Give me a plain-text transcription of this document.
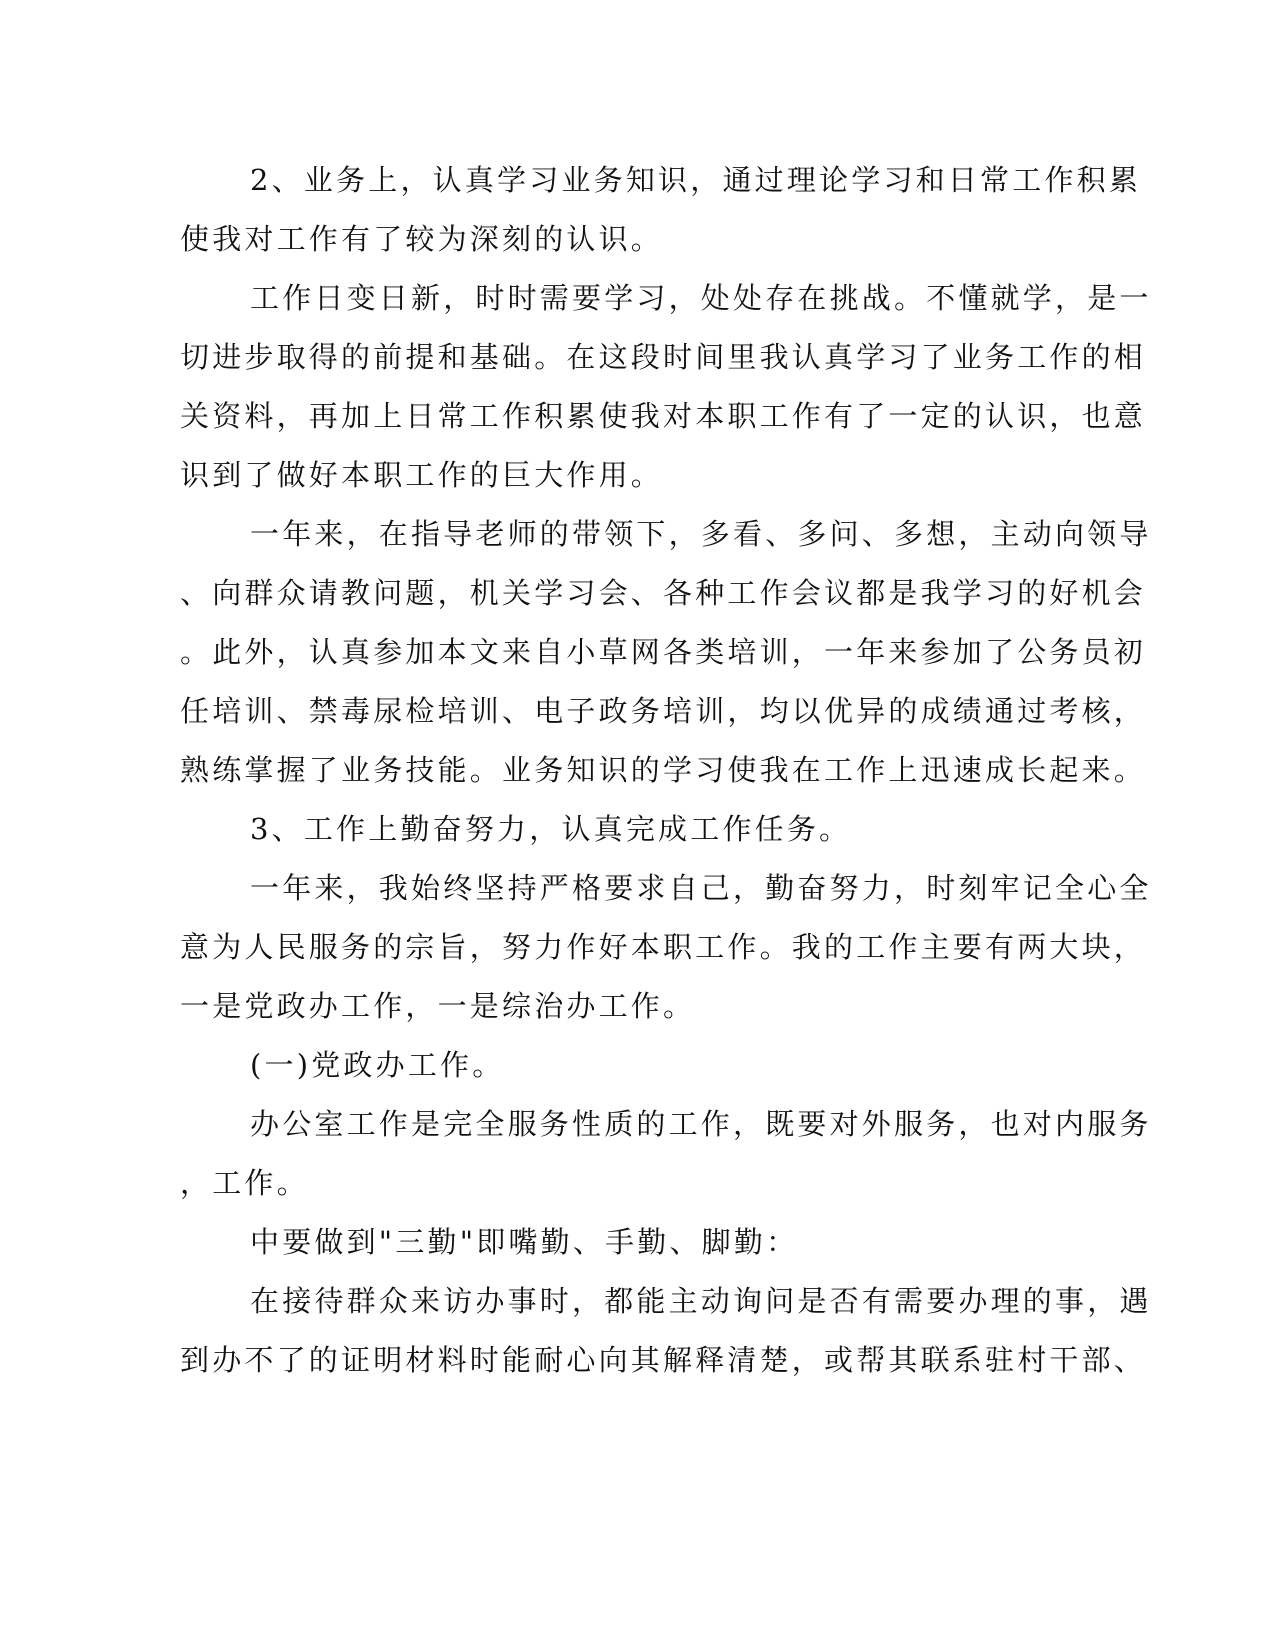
2、业务上，认真学习业务知识，通过理论学习和日常工作积累
使我对工作有了较为深刻的认识。
工作日变日新，时时需要学习，处处存在挑战。不懂就学，是一
切进步取得的前提和基础。在这段时间里我认真学习了业务工作的相
关资料，再加上日常工作积累使我对本职工作有了一定的认识，也意
识到了做好本职工作的巨大作用。
一年来，在指导老师的带领下，多看、多问、多想，主动向领导
、向群众请教问题，机关学习会、各种工作会议都是我学习的好机会
。此外，认真参加本文来自小草网各类培训，一年来参加了公务员初
任培训、禁毒尿检培训、电子政务培训，均以优异的成绩通过考核，
熟练掌握了业务技能。业务知识的学习使我在工作上迅速成长起来。
3、工作上勤奋努力，认真完成工作任务。
一年来，我始终坚持严格要求自己，勤奋努力，时刻牢记全心全
意为人民服务的宗旨，努力作好本职工作。我的工作主要有两大块，
一是党政办工作，一是综治办工作。
(一)党政办工作。
办公室工作是完全服务性质的工作，既要对外服务，也对内服务
，工作。
中要做到"三勤"即嘴勤、手勤、脚勤：
在接待群众来访办事时，都能主动询问是否有需要办理的事，遇
到办不了的证明材料时能耐心向其解释清楚，或帮其联系驻村干部、
